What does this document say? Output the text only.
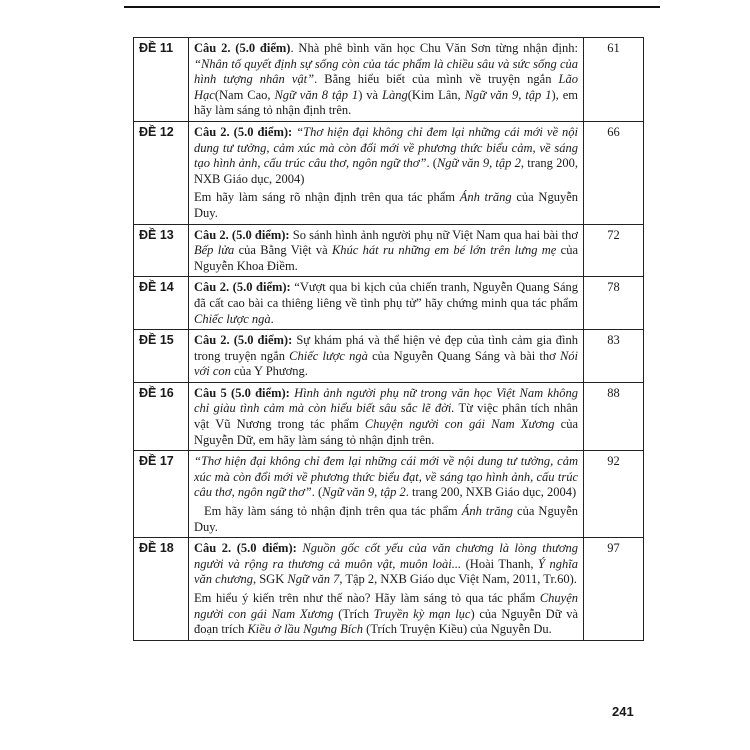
ĐỀ 11	Câu 2. (5.0 điểm). Nhà phê bình văn học Chu Văn Sơn từng nhận định: “Nhân tố quyết định sự sống còn của tác phẩm là chiều sâu và sức sống của hình tượng nhân vật”. Bằng hiểu biết của mình về truyện ngắn Lão Hạc(Nam Cao, Ngữ văn 8 tập 1) và Làng(Kim Lân, Ngữ văn 9, tập 1), em hãy làm sáng tỏ nhận định trên.	61
ĐỀ 12	Câu 2. (5.0 điểm): “Thơ hiện đại không chỉ đem lại những cái mới về nội dung tư tưởng, cảm xúc mà còn đổi mới về phương thức biểu cảm, về sáng tạo hình ảnh, cấu trúc câu thơ, ngôn ngữ thơ”. (Ngữ văn 9, tập 2, trang 200, NXB Giáo dục, 2004)

Em hãy làm sáng rõ nhận định trên qua tác phẩm Ánh trăng của Nguyễn Duy.	66
ĐỀ 13	Câu 2. (5.0 điểm): So sánh hình ảnh người phụ nữ Việt Nam qua hai bài thơ Bếp lửa của Bằng Việt và Khúc hát ru những em bé lớn trên lưng mẹ của Nguyễn Khoa Điềm.	72
ĐỀ 14	Câu 2. (5.0 điểm): “Vượt qua bi kịch của chiến tranh, Nguyễn Quang Sáng đã cất cao bài ca thiêng liêng về tình phụ tử” hãy chứng minh qua tác phẩm Chiếc lược ngà.	78
ĐỀ 15	Câu 2. (5.0 điểm): Sự khám phá và thể hiện vẻ đẹp của tình cảm gia đình trong truyện ngắn Chiếc lược ngà của Nguyễn Quang Sáng và bài thơ Nói với con của Y Phương.	83
ĐỀ 16	Câu 5 (5.0 điểm): Hình ảnh người phụ nữ trong văn học Việt Nam không chỉ giàu tình cảm mà còn hiểu biết sâu sắc lẽ đời. Từ việc phân tích nhân vật Vũ Nương trong tác phẩm Chuyện người con gái Nam Xương của Nguyễn Dữ, em hãy làm sáng tỏ nhận định trên.	88
ĐỀ 17	“Thơ hiện đại không chỉ đem lại những cái mới về nội dung tư tưởng, cảm xúc mà còn đổi mới về phương thức biểu đạt, về sáng tạo hình ảnh, cấu trúc câu thơ, ngôn ngữ thơ”. (Ngữ văn 9, tập 2. trang 200, NXB Giáo dục, 2004)

Em hãy làm sáng tỏ nhận định trên qua tác phẩm Ánh trăng của Nguyễn Duy.	92
ĐỀ 18	Câu 2. (5.0 điểm): Nguồn gốc cốt yếu của văn chương là lòng thương người và rộng ra thương cả muôn vật, muôn loài... (Hoài Thanh, Ý nghĩa văn chương, SGK Ngữ văn 7, Tập 2, NXB Giáo dục Việt Nam, 2011, Tr.60).

Em hiểu ý kiến trên như thế nào? Hãy làm sáng tỏ qua tác phẩm Chuyện người con gái Nam Xương (Trích Truyền kỳ mạn lục) của Nguyễn Dữ và đoạn trích Kiều ở lầu Ngưng Bích (Trích Truyện Kiều) của Nguyễn Du.	97
241
